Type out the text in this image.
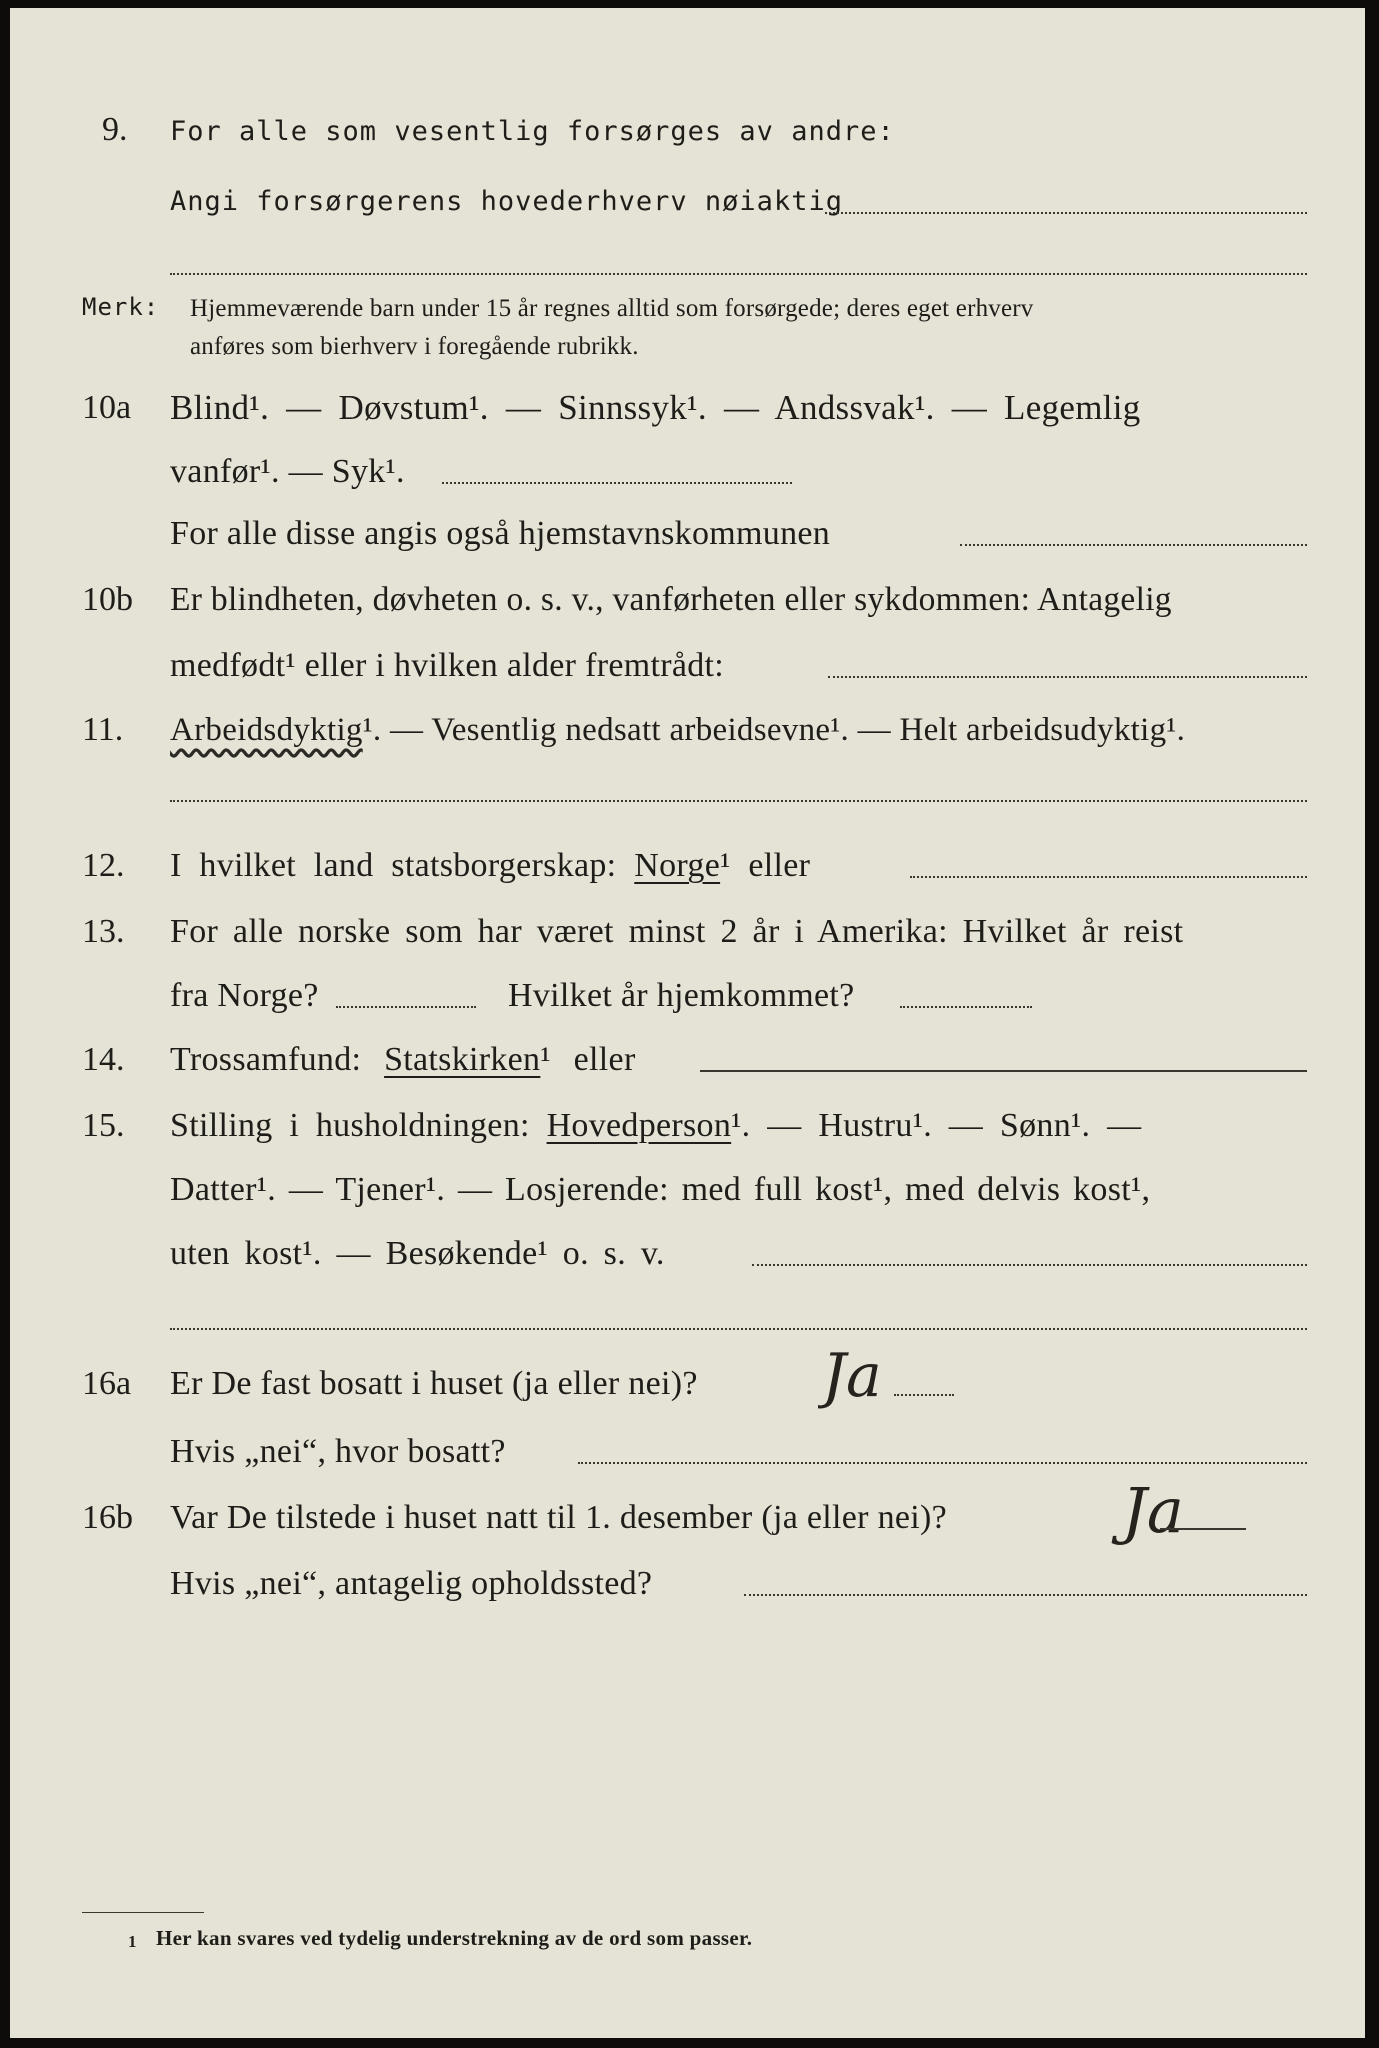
9. For alle som vesentlig forsørges av andre:
Angi forsørgerens hovederhverv nøiaktig
Merk: Hjemmeværende barn under 15 år regnes alltid som forsørgede; deres eget erhverv
anføres som bierhverv i foregående rubrikk.
10a Blind¹. — Døvstum¹. — Sinnssyk¹. — Andssvak¹. — Legemlig
vanfør¹. — Syk¹.
For alle disse angis også hjemstavnskommunen
10b Er blindheten, døvheten o. s. v., vanførheten eller sykdommen: Antagelig
medfødt¹ eller i hvilken alder fremtrådt:
11. Arbeidsdyktig¹. — Vesentlig nedsatt arbeidsevne¹. — Helt arbeidsudyktig¹.
12. I hvilket land statsborgerskap: Norge¹ eller
13. For alle norske som har været minst 2 år i Amerika: Hvilket år reist
fra Norge?	Hvilket år hjemkommet?
14. Trossamfund: Statskirken¹ eller
15. Stilling i husholdningen: Hovedperson¹. — Hustru¹. — Sønn¹. —
Datter¹. — Tjener¹. — Losjerende: med full kost¹, med delvis kost¹,
uten kost¹. — Besøkende¹ o. s. v.
16a Er De fast bosatt i huset (ja eller nei)? Ja
Hvis „nei“, hvor bosatt?
16b Var De tilstede i huset natt til 1. desember (ja eller nei)?	Ja
Hvis „nei“, antagelig opholdssted?
1 Her kan svares ved tydelig understrekning av de ord som passer.
